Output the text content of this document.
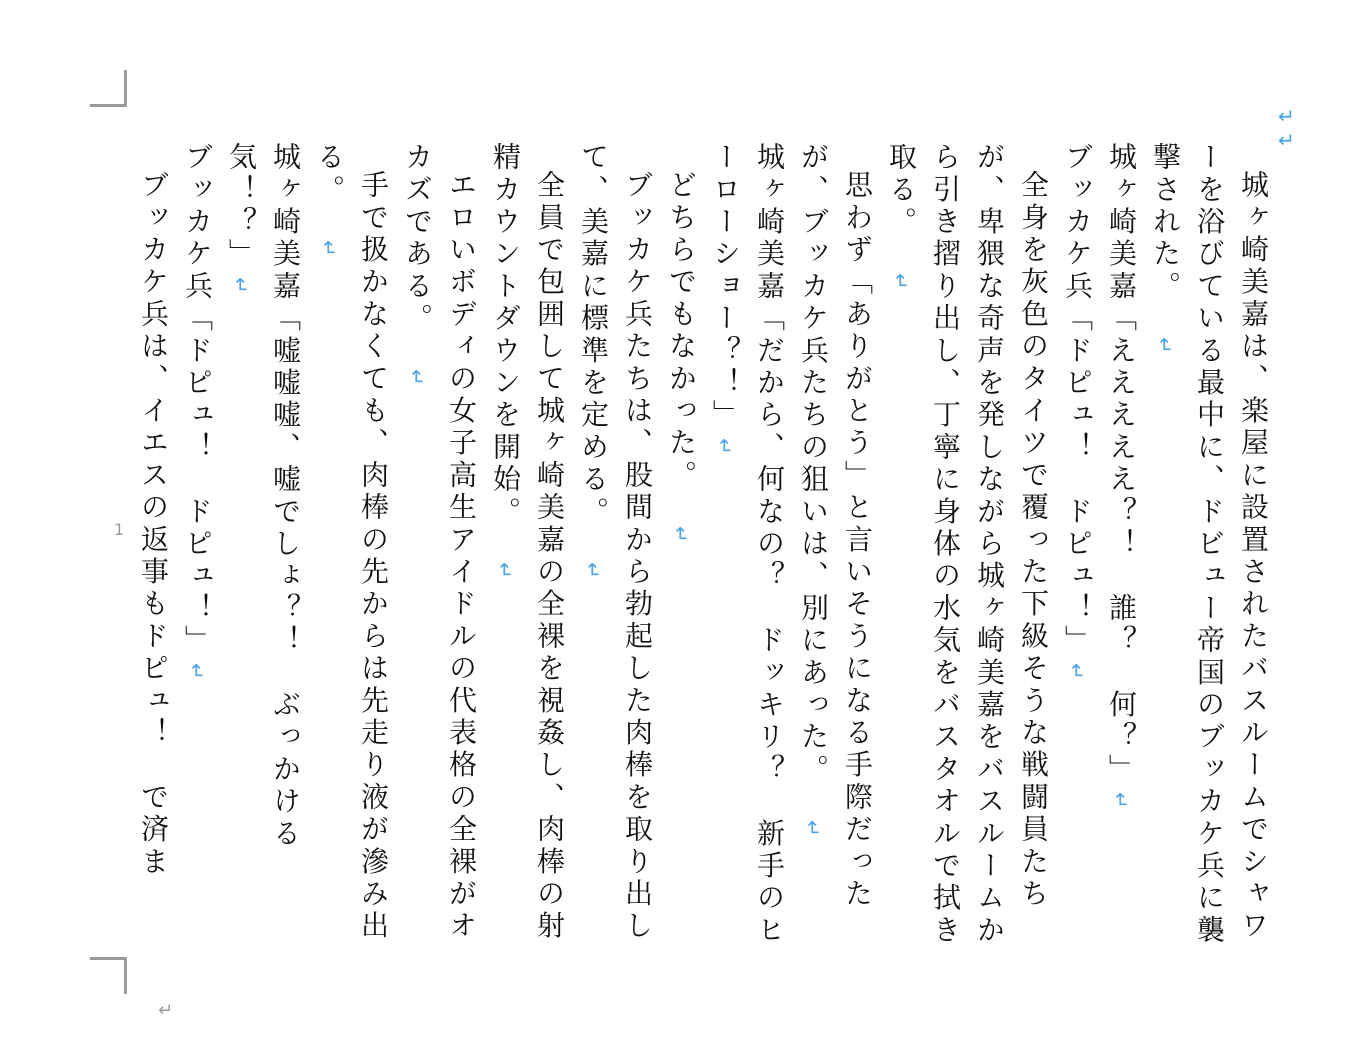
↵ ↵
1	城ヶ崎美嘉は、楽屋に設置されたバスルームでシャワーを浴びている最中に、ドビュー帝国のブッカケ兵に襲撃された。↵

城ヶ崎美嘉「えええええ？！　誰？　何？」↵

ブッカケ兵「ドピュ！　ドピュ！」↵

全身を灰色のタイツで覆った下級そうな戦闘員たちが、卑猥な奇声を発しながら城ヶ崎美嘉をバスルームから引き摺り出し、丁寧に身体の水気をバスタオルで拭き取る。↵

思わず「ありがとう」と言いそうになる手際だったが、ブッカケ兵たちの狙いは、別にあった。↵

城ヶ崎美嘉「だから、何なの？　ドッキリ？　新手のヒーローショー？！」↵

どちらでもなかった。↵

ブッカケ兵たちは、股間から勃起した肉棒を取り出して、美嘉に標準を定める。↵

全員で包囲して城ヶ崎美嘉の全裸を視姦し、肉棒の射精カウントダウンを開始。↵

エロいボディの女子高生アイドルの代表格の全裸がオカズである。↵

手で扱かなくても、肉棒の先からは先走り液が滲み出る。↵

城ヶ崎美嘉「嘘嘘嘘、嘘でしょ？！　ぶっかける気！？」↵

ブッカケ兵「ドピュ！　ドピュ！」↵

ブッカケ兵は、イエスの返事もドピュ！　で済ま

↵
